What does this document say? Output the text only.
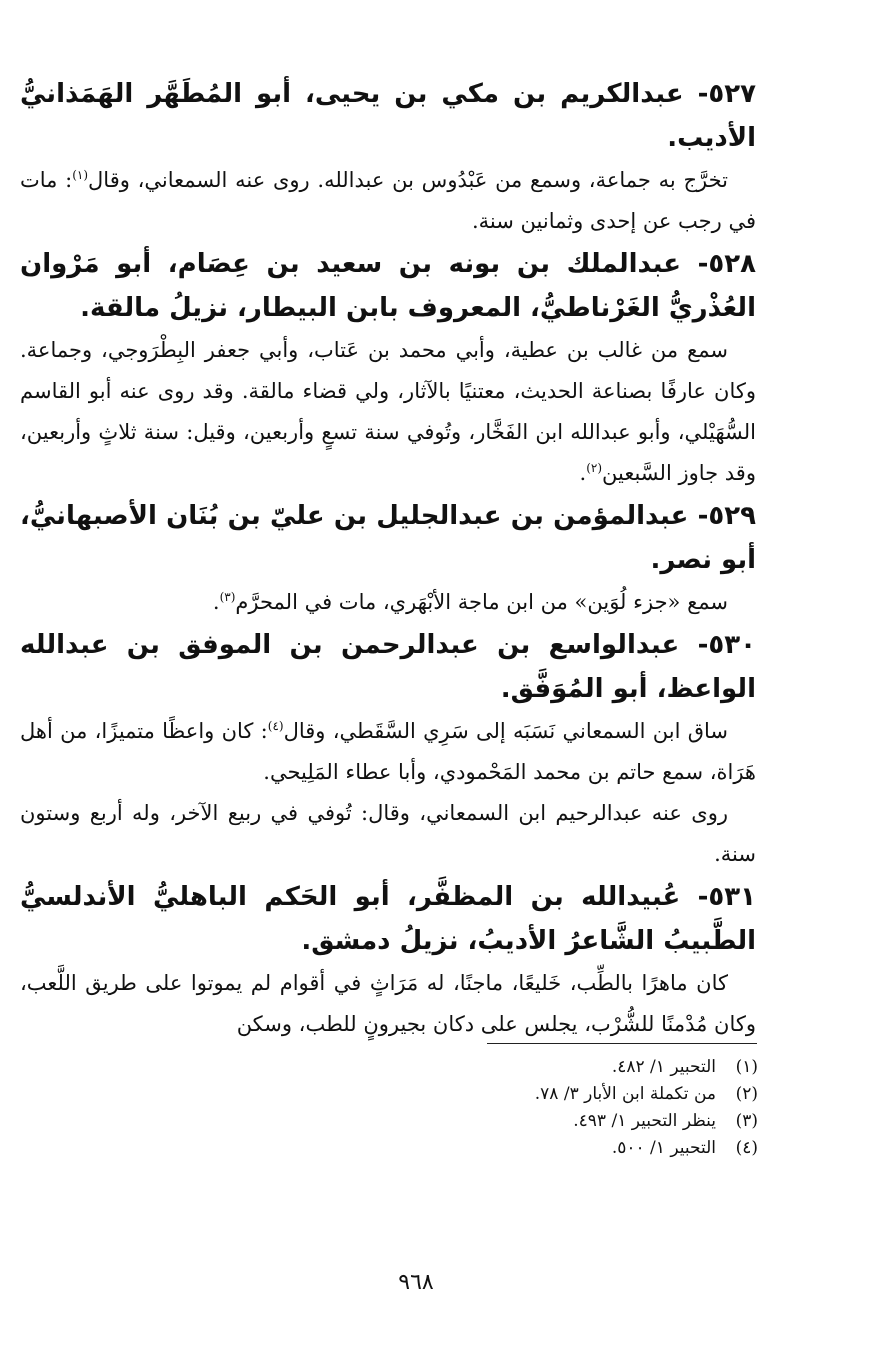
٥٢٧- عبدالكريم بن مكي بن يحيى، أبو المُطَهَّر الهَمَذانيُّ الأديب.

تخرَّج به جماعة، وسمع من عَبْدُوس بن عبدالله. روى عنه السمعاني، وقال$^{(١)}$: مات في رجب عن إحدى وثمانين سنة.

٥٢٨- عبدالملك بن بونه بن سعيد بن عِصَام، أبو مَرْوان العُذْريُّ الغَرْناطيُّ، المعروف بابن البيطار، نزيلُ مالقة.

سمع من غالب بن عطية، وأبي محمد بن عَتاب، وأبي جعفر البِطْرَوجي، وجماعة. وكان عارفًا بصناعة الحديث، معتنيًا بالآثار، ولي قضاء مالقة. وقد روى عنه أبو القاسم السُّهَيْلي، وأبو عبدالله ابن الفَخَّار، وتُوفي سنة تسعٍ وأربعين، وقيل: سنة ثلاثٍ وأربعين، وقد جاوز السَّبعين$^{(٢)}$.

٥٢٩- عبدالمؤمن بن عبدالجليل بن عليّ بن بُنَان الأصبهانيُّ، أبو نصر.

سمع «جزء لُوَين» من ابن ماجة الأبْهَري، مات في المحرَّم$^{(٣)}$.

٥٣٠- عبدالواسع بن عبدالرحمن بن الموفق بن عبدالله الواعظ، أبو المُوَفَّق.

ساق ابن السمعاني نَسَبَه إلى سَرِي السَّقَطي، وقال$^{(٤)}$: كان واعظًا متميزًا، من أهل هَرَاة، سمع حاتم بن محمد المَحْمودي، وأبا عطاء المَلِيحي.

روى عنه عبدالرحيم ابن السمعاني، وقال: تُوفي في ربيع الآخر، وله أربع وستون سنة.

٥٣١- عُبيدالله بن المظفَّر، أبو الحَكم الباهليُّ الأندلسيُّ الطَّبيبُ الشَّاعرُ الأديبُ، نزيلُ دمشق.

كان ماهرًا بالطِّب، خَليعًا، ماجنًا، له مَرَاثٍ في أقوام لم يموتوا على طريق اللَّعب، وكان مُدْمنًا للشُّرْب، يجلس على دكان بجيرونٍ للطب، وسكن

(١)التحبير ١/ ٤٨٢.

(٢)من تكملة ابن الأبار ٣/ ٧٨.

(٣)ينظر التحبير ١/ ٤٩٣.

(٤)التحبير ١/ ٥٠٠.

٩٦٨
